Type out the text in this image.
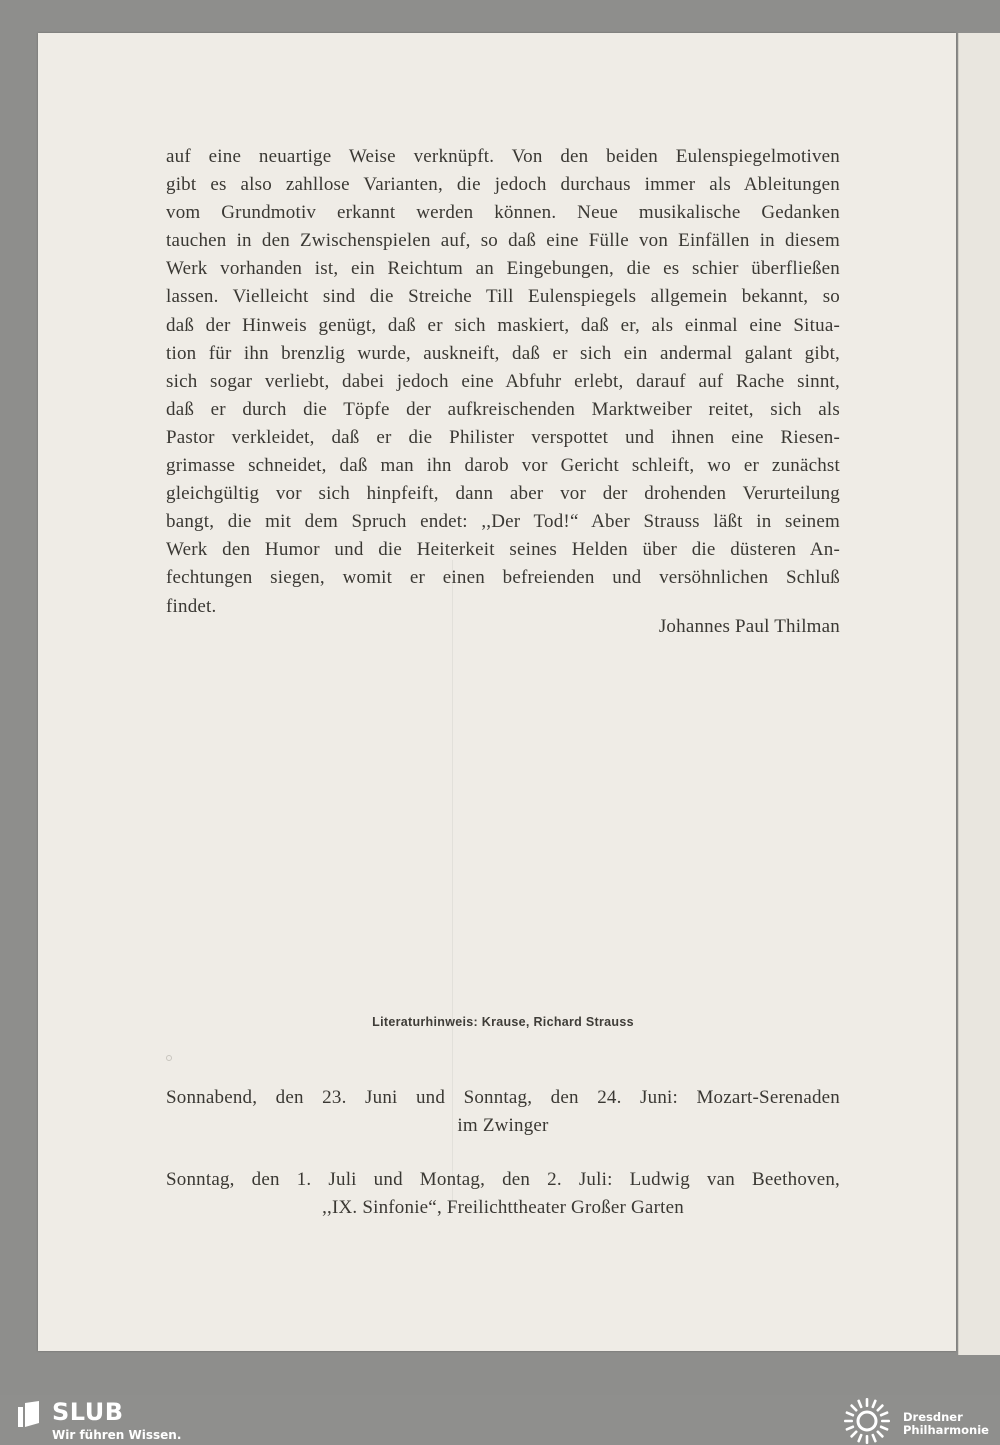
auf eine neuartige Weise verknüpft. Von den beiden Eulenspiegelmotiven
gibt es also zahllose Varianten, die jedoch durchaus immer als Ableitungen
vom Grundmotiv erkannt werden können. Neue musikalische Gedanken
tauchen in den Zwischenspielen auf, so daß eine Fülle von Einfällen in diesem
Werk vorhanden ist, ein Reichtum an Eingebungen, die es schier überfließen
lassen. Vielleicht sind die Streiche Till Eulenspiegels allgemein bekannt, so
daß der Hinweis genügt, daß er sich maskiert, daß er, als einmal eine Situa-
tion für ihn brenzlig wurde, auskneift, daß er sich ein andermal galant gibt,
sich sogar verliebt, dabei jedoch eine Abfuhr erlebt, darauf auf Rache sinnt,
daß er durch die Töpfe der aufkreischenden Marktweiber reitet, sich als
Pastor verkleidet, daß er die Philister verspottet und ihnen eine Riesen-
grimasse schneidet, daß man ihn darob vor Gericht schleift, wo er zunächst
gleichgültig vor sich hinpfeift, dann aber vor der drohenden Verurteilung
bangt, die mit dem Spruch endet: ,,Der Tod!“ Aber Strauss läßt in seinem
Werk den Humor und die Heiterkeit seines Helden über die düsteren An-
fechtungen siegen, womit er einen befreienden und versöhnlichen Schluß
findet.
Johannes Paul Thilman
Literaturhinweis: Krause, Richard Strauss
Sonnabend, den 23. Juni und Sonntag, den 24. Juni: Mozart-Serenaden
im Zwinger
Sonntag, den 1. Juli und Montag, den 2. Juli: Ludwig van Beethoven,
,,IX. Sinfonie“, Freilichttheater Großer Garten
SLUB
Wir führen Wissen.
Dresdner
Philharmonie
